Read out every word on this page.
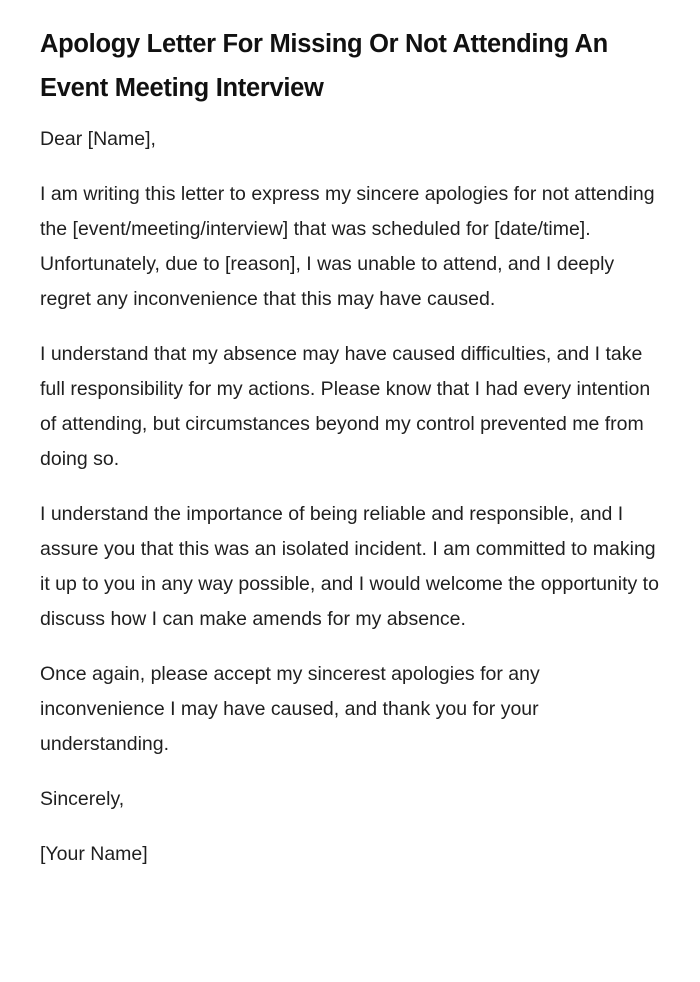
Apology Letter For Missing Or Not Attending An Event Meeting Interview

Dear [Name],

I am writing this letter to express my sincere apologies for not attending the [event/meeting/interview] that was scheduled for [date/time]. Unfortunately, due to [reason], I was unable to attend, and I deeply regret any inconvenience that this may have caused.

I understand that my absence may have caused difficulties, and I take full responsibility for my actions. Please know that I had every intention of attending, but circumstances beyond my control prevented me from doing so.

I understand the importance of being reliable and responsible, and I assure you that this was an isolated incident. I am committed to making it up to you in any way possible, and I would welcome the opportunity to discuss how I can make amends for my absence.

Once again, please accept my sincerest apologies for any inconvenience I may have caused, and thank you for your understanding.

Sincerely,

[Your Name]
